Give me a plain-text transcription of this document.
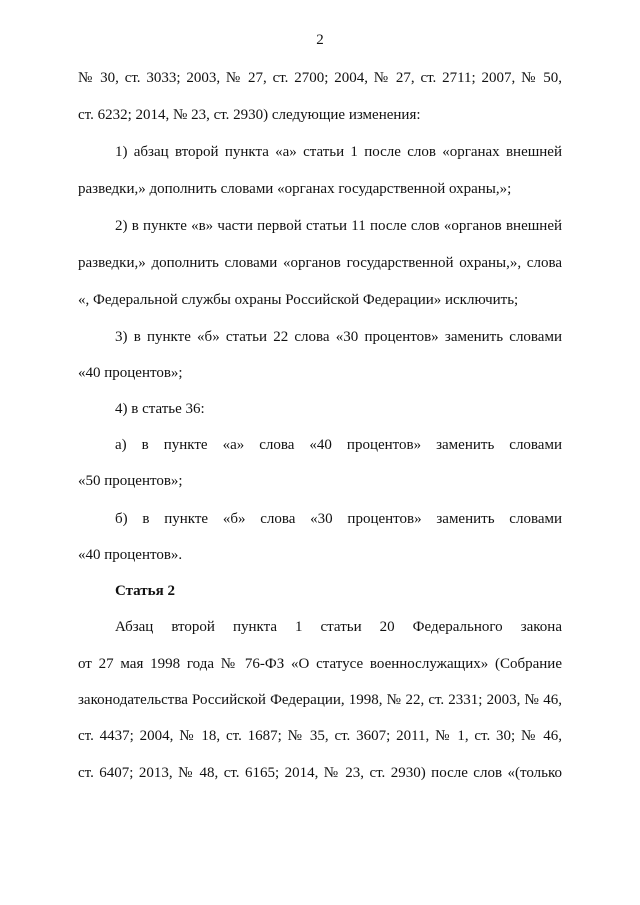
2
№ 30, ст. 3033; 2003, № 27, ст. 2700; 2004, № 27, ст. 2711; 2007, № 50,
ст. 6232; 2014, № 23, ст. 2930) следующие изменения:
1) абзац второй пункта «а» статьи 1 после слов «органах внешней
разведки,» дополнить словами «органах государственной охраны,»;
2) в пункте «в» части первой статьи 11 после слов «органов внешней
разведки,» дополнить словами «органов государственной охраны,», слова
«, Федеральной службы охраны Российской Федерации» исключить;
3) в пункте «б» статьи 22 слова «30 процентов» заменить словами
«40 процентов»;
4) в статье 36:
а) в пункте «а» слова «40 процентов» заменить словами
«50 процентов»;
б) в пункте «б» слова «30 процентов» заменить словами
«40 процентов».
Статья 2
Абзац второй пункта 1 статьи 20 Федерального закона
от 27 мая 1998 года № 76-ФЗ «О статусе военнослужащих» (Собрание
законодательства Российской Федерации, 1998, № 22, ст. 2331; 2003, № 46,
ст. 4437; 2004, № 18, ст. 1687; № 35, ст. 3607; 2011, № 1, ст. 30; № 46,
ст. 6407; 2013, № 48, ст. 6165; 2014, № 23, ст. 2930) после слов «(только
